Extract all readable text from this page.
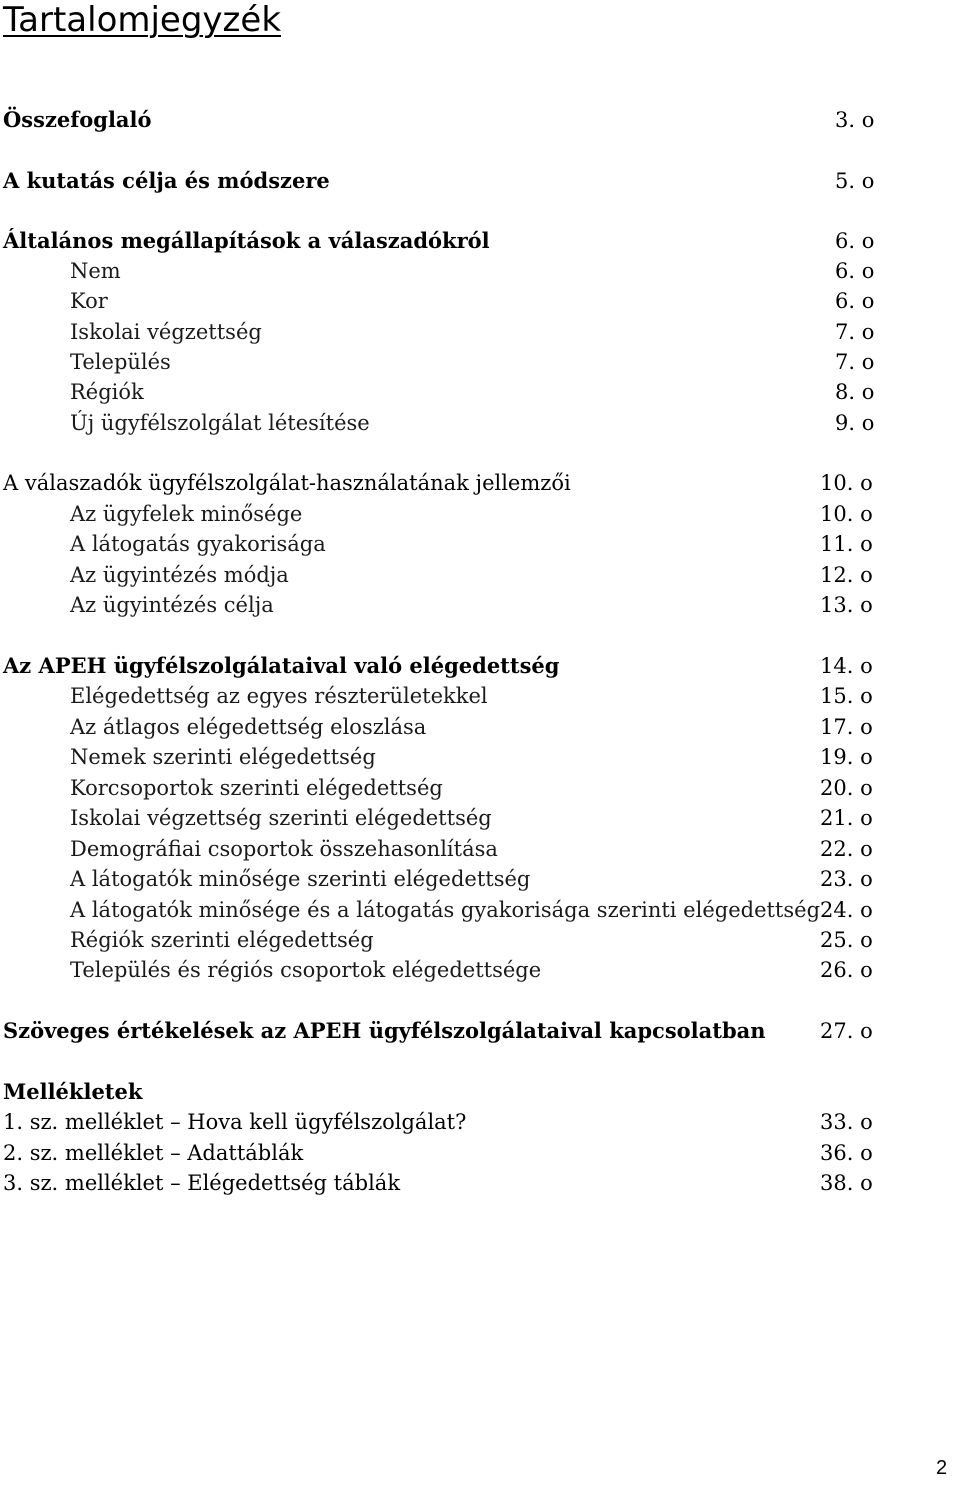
Tartalomjegyzék
Összefoglaló	3. o
A kutatás célja és módszere	5. o
Általános megállapítások a válaszadókról	6. o
Nem	6. o
Kor	6. o
Iskolai végzettség	7. o
Település	7. o
Régiók	8. o
Új ügyfélszolgálat létesítése	9. o
A válaszadók ügyfélszolgálat-használatának jellemzői	10. o
Az ügyfelek minősége	10. o
A látogatás gyakorisága	11. o
Az ügyintézés módja	12. o
Az ügyintézés célja	13. o
Az APEH ügyfélszolgálataival való elégedettség	14. o
Elégedettség az egyes részterületekkel	15. o
Az átlagos elégedettség eloszlása	17. o
Nemek szerinti elégedettség	19. o
Korcsoportok szerinti elégedettség	20. o
Iskolai végzettség szerinti elégedettség	21. o
Demográfiai csoportok összehasonlítása	22. o
A látogatók minősége szerinti elégedettség	23. o
A látogatók minősége és a látogatás gyakorisága szerinti elégedettség 24. o
Régiók szerinti elégedettség	25. o
Település és régiós csoportok elégedettsége	26. o
Szöveges értékelések az APEH ügyfélszolgálataival kapcsolatban	27. o
Mellékletek
1. sz. melléklet – Hova kell ügyfélszolgálat?	33. o
2. sz. melléklet – Adattáblák	36. o
3. sz. melléklet – Elégedettség táblák	38. o
2
